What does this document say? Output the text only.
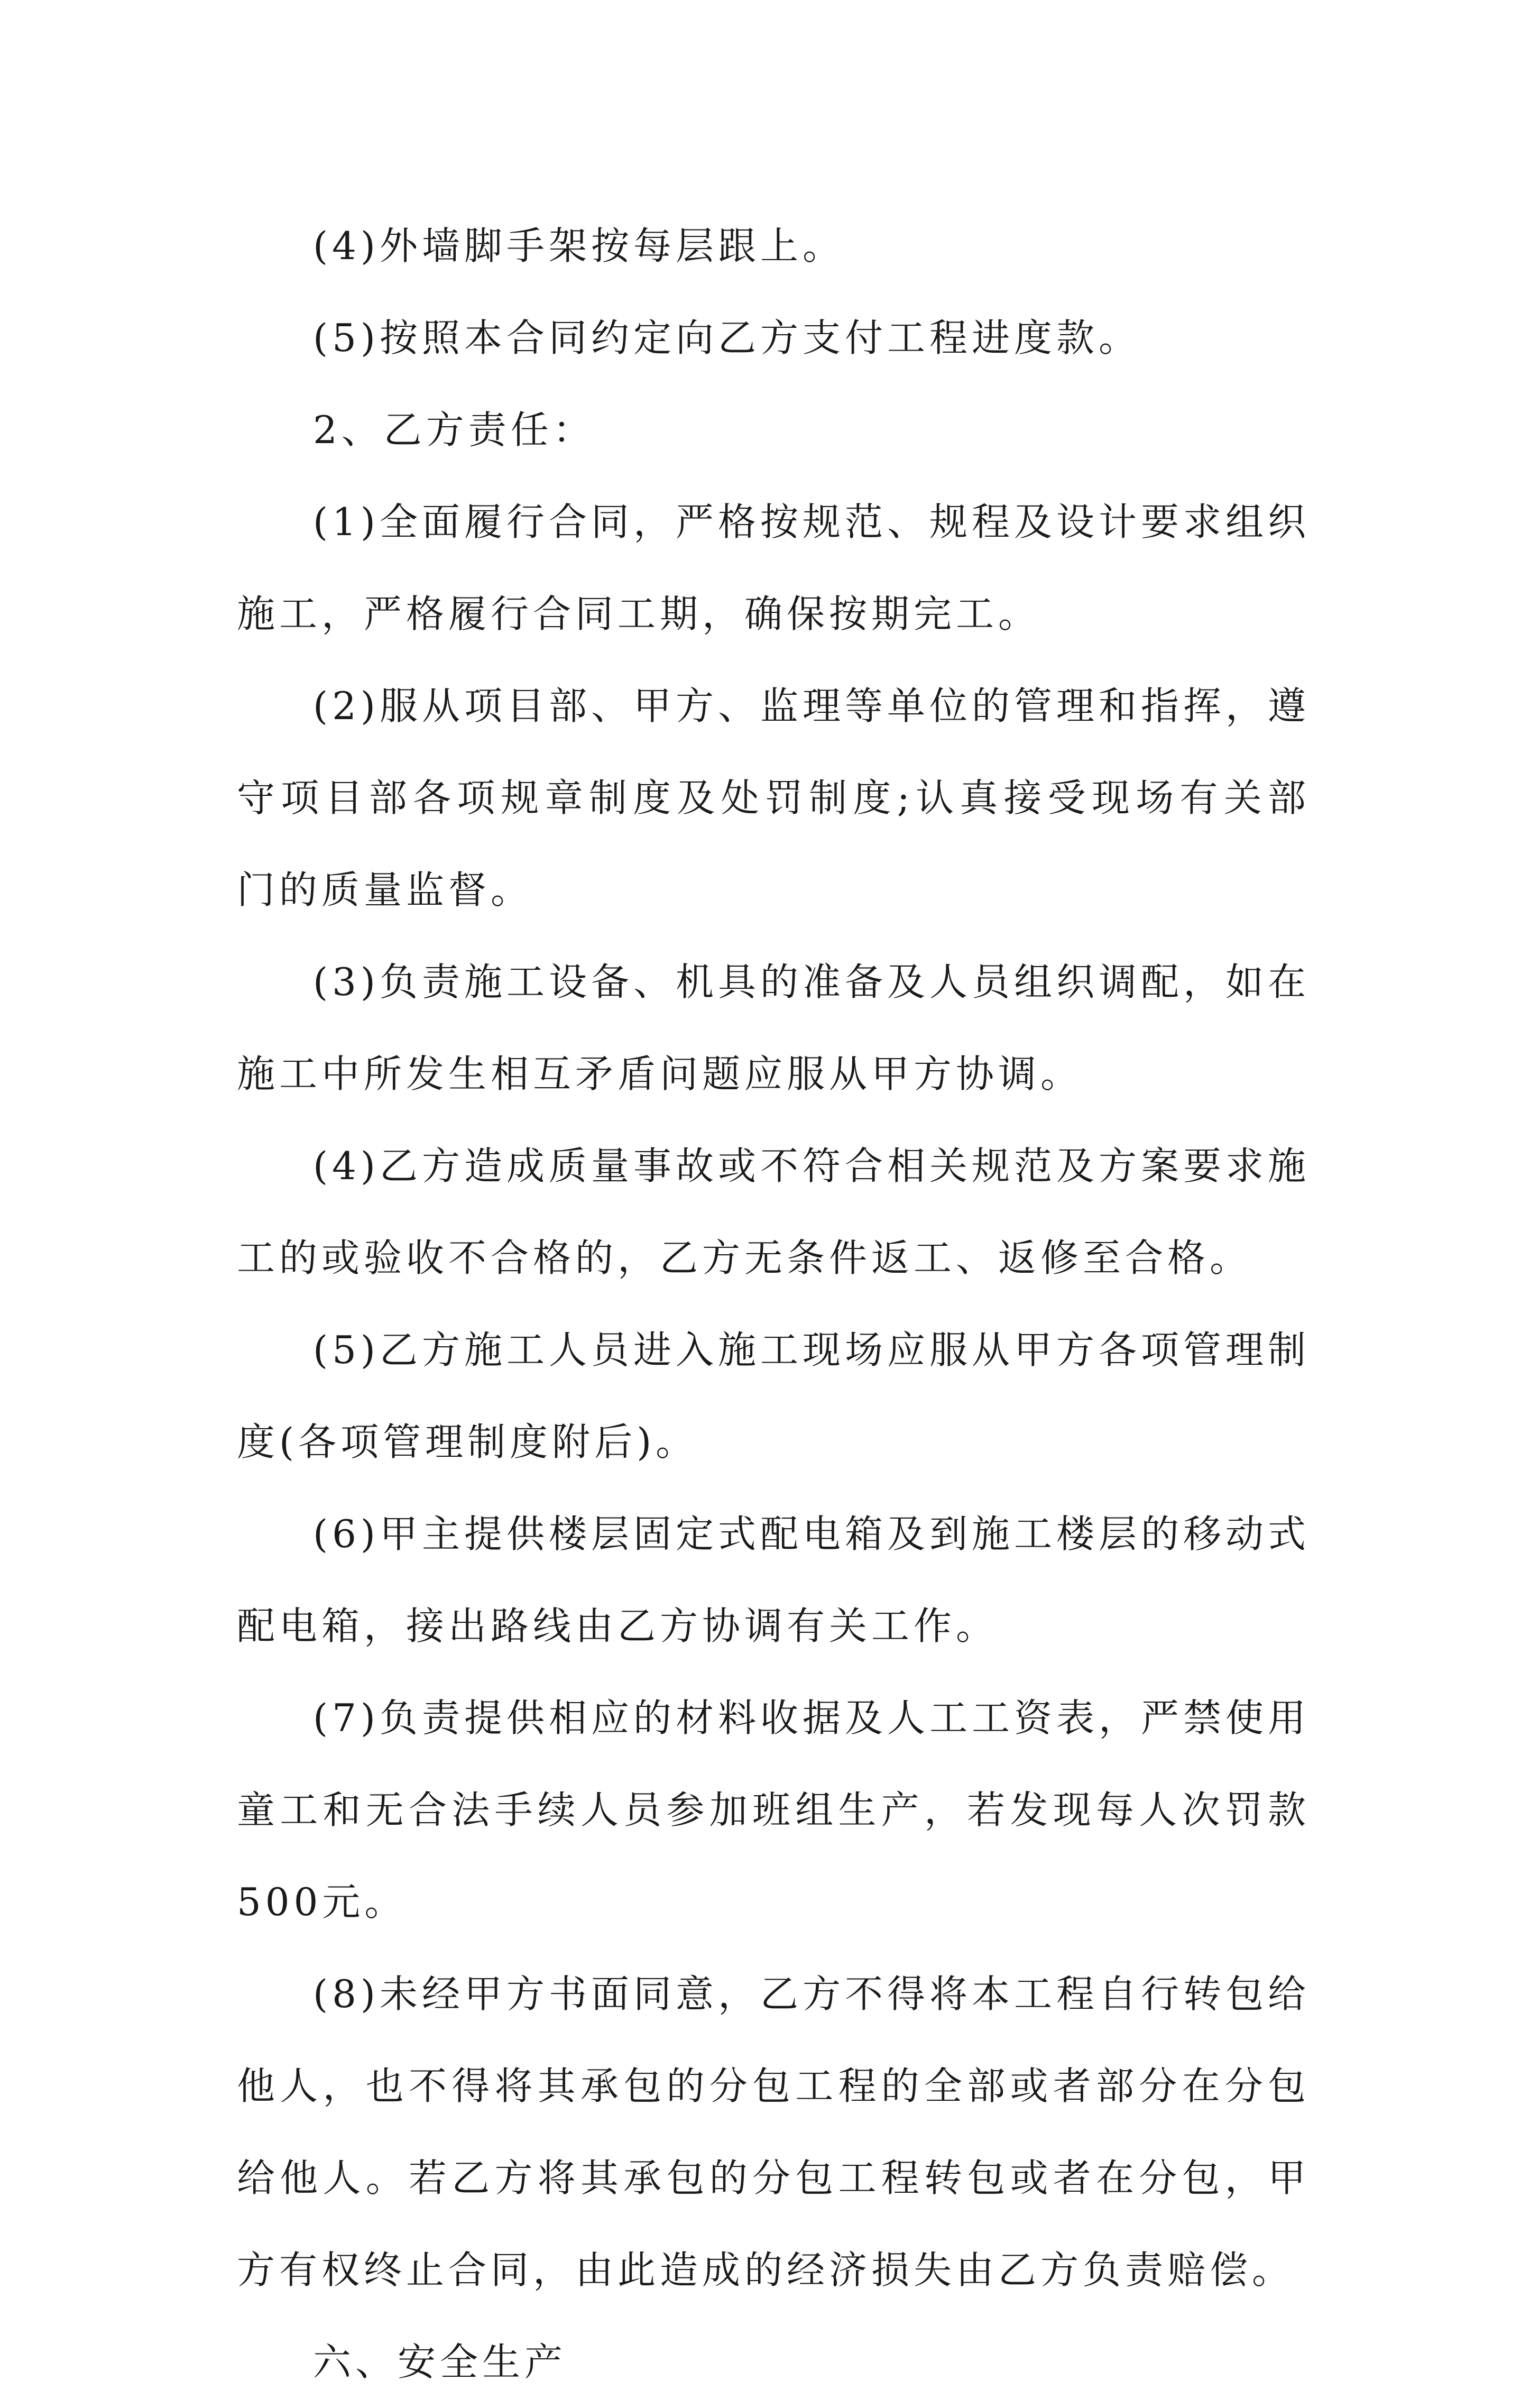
(4)外墙脚手架按每层跟上。

(5)按照本合同约定向乙方支付工程进度款。

2、乙方责任：

(1)全面履行合同，严格按规范、规程及设计要求组织施工，严格履行合同工期，确保按期完工。

(2)服从项目部、甲方、监理等单位的管理和指挥，遵守项目部各项规章制度及处罚制度;认真接受现场有关部门的质量监督。

(3)负责施工设备、机具的准备及人员组织调配，如在施工中所发生相互矛盾问题应服从甲方协调。

(4)乙方造成质量事故或不符合相关规范及方案要求施工的或验收不合格的，乙方无条件返工、返修至合格。

(5)乙方施工人员进入施工现场应服从甲方各项管理制度(各项管理制度附后)。

(6)甲主提供楼层固定式配电箱及到施工楼层的移动式配电箱，接出路线由乙方协调有关工作。

(7)负责提供相应的材料收据及人工工资表，严禁使用童工和无合法手续人员参加班组生产，若发现每人次罚款500元。

(8)未经甲方书面同意，乙方不得将本工程自行转包给他人，也不得将其承包的分包工程的全部或者部分在分包给他人。若乙方将其承包的分包工程转包或者在分包，甲方有权终止合同，由此造成的经济损失由乙方负责赔偿。

六、安全生产
